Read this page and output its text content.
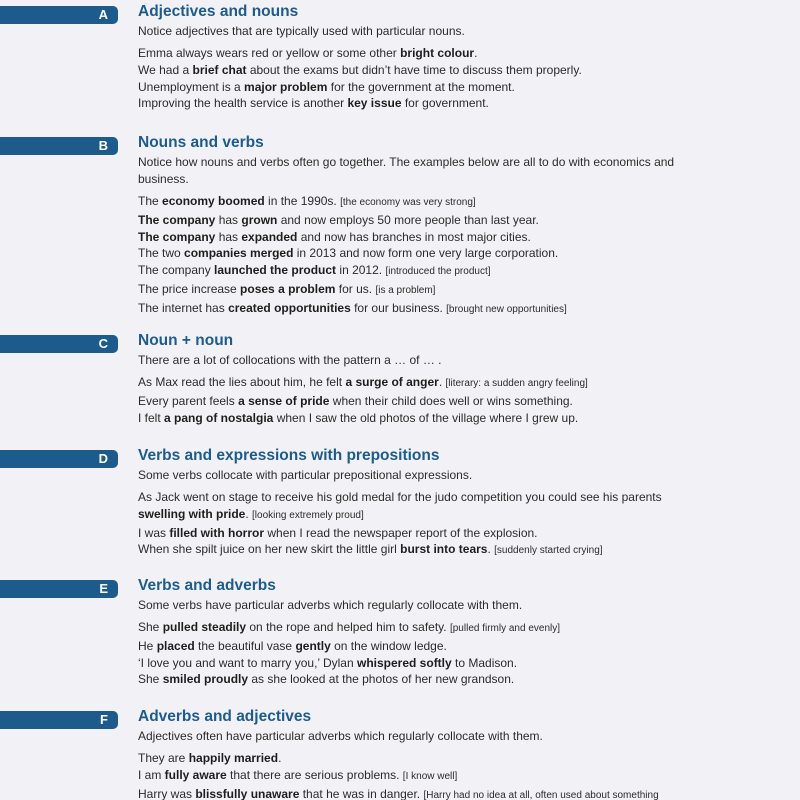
A Adjectives and nouns
Notice adjectives that are typically used with particular nouns.
Emma always wears red or yellow or some other bright colour.
We had a brief chat about the exams but didn’t have time to discuss them properly.
Unemployment is a major problem for the government at the moment.
Improving the health service is another key issue for government.
B Nouns and verbs
Notice how nouns and verbs often go together. The examples below are all to do with economics and business.
The economy boomed in the 1990s. [the economy was very strong]
The company has grown and now employs 50 more people than last year.
The company has expanded and now has branches in most major cities.
The two companies merged in 2013 and now form one very large corporation.
The company launched the product in 2012. [introduced the product]
The price increase poses a problem for us. [is a problem]
The internet has created opportunities for our business. [brought new opportunities]
C Noun + noun
There are a lot of collocations with the pattern a … of … .
As Max read the lies about him, he felt a surge of anger. [literary: a sudden angry feeling]
Every parent feels a sense of pride when their child does well or wins something.
I felt a pang of nostalgia when I saw the old photos of the village where I grew up.
D Verbs and expressions with prepositions
Some verbs collocate with particular prepositional expressions.
As Jack went on stage to receive his gold medal for the judo competition you could see his parents
swelling with pride. [looking extremely proud]
I was filled with horror when I read the newspaper report of the explosion.
When she spilt juice on her new skirt the little girl burst into tears. [suddenly started crying]
E Verbs and adverbs
Some verbs have particular adverbs which regularly collocate with them.
She pulled steadily on the rope and helped him to safety. [pulled firmly and evenly]
He placed the beautiful vase gently on the window ledge.
‘I love you and want to marry you,’ Dylan whispered softly to Madison.
She smiled proudly as she looked at the photos of her new grandson.
F Adverbs and adjectives
Adjectives often have particular adverbs which regularly collocate with them.
They are happily married.
I am fully aware that there are serious problems. [I know well]
Harry was blissfully unaware that he was in danger. [Harry had no idea at all, often used about something
